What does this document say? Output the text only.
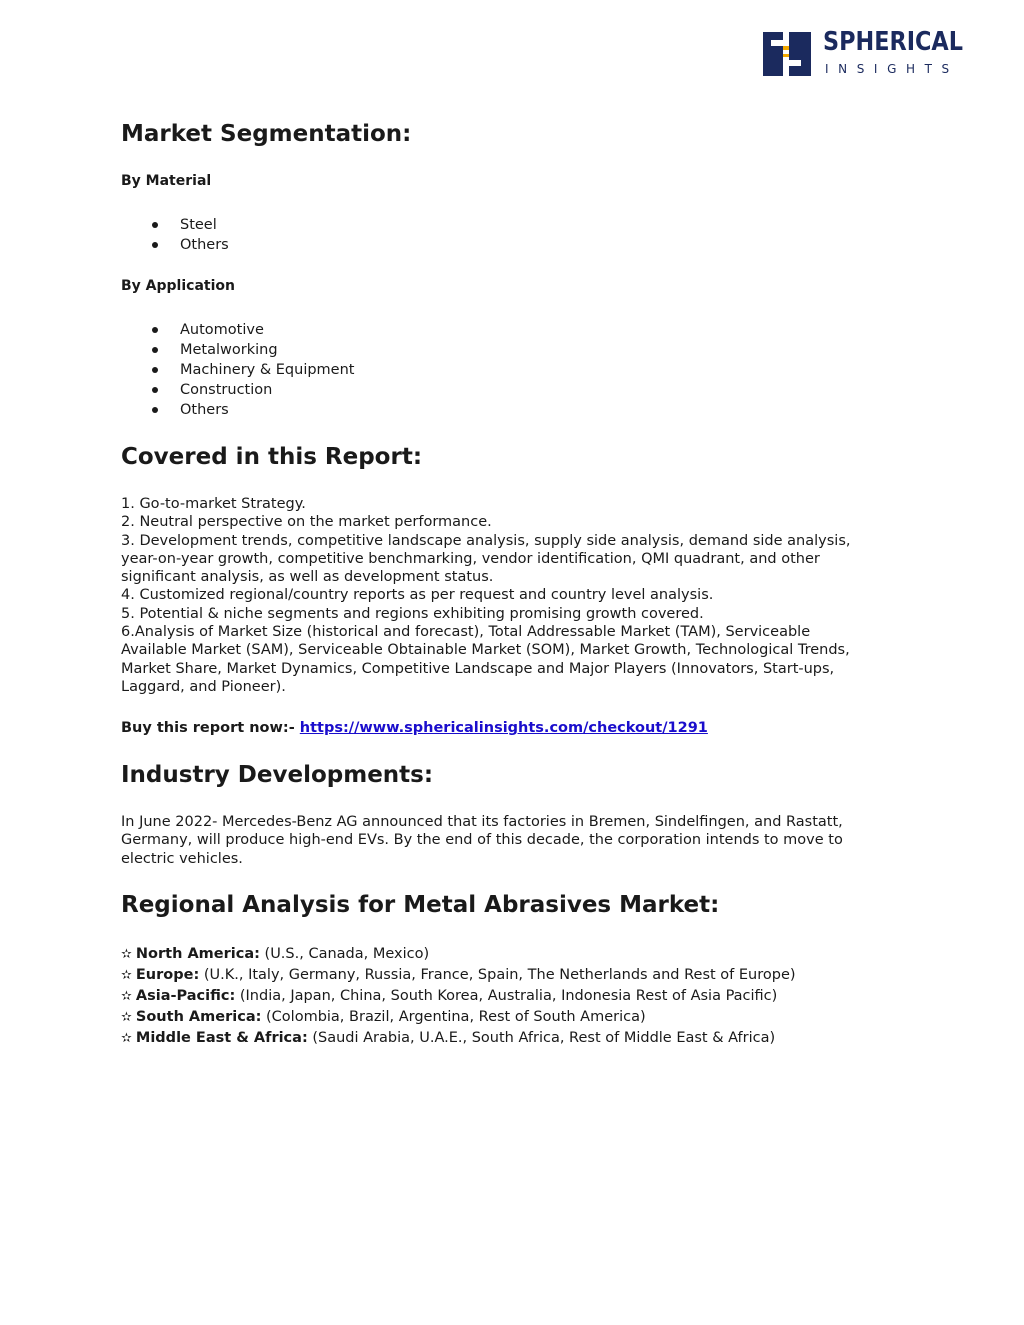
SPHERICAL
INSIGHTS
Market Segmentation:
By Material
Steel
Others
By Application
Automotive
Metalworking
Machinery & Equipment
Construction
Others
Covered in this Report:
1. Go-to-market Strategy.
2. Neutral perspective on the market performance.
3. Development trends, competitive landscape analysis, supply side analysis, demand side analysis,
year-on-year growth, competitive benchmarking, vendor identification, QMI quadrant, and other
significant analysis, as well as development status.
4. Customized regional/country reports as per request and country level analysis.
5. Potential & niche segments and regions exhibiting promising growth covered.
6.Analysis of Market Size (historical and forecast), Total Addressable Market (TAM), Serviceable
Available Market (SAM), Serviceable Obtainable Market (SOM), Market Growth, Technological Trends,
Market Share, Market Dynamics, Competitive Landscape and Major Players (Innovators, Start-ups,
Laggard, and Pioneer).
Buy this report now:- https://www.sphericalinsights.com/checkout/1291
Industry Developments:
In June 2022- Mercedes-Benz AG announced that its factories in Bremen, Sindelfingen, and Rastatt,
Germany, will produce high-end EVs. By the end of this decade, the corporation intends to move to
electric vehicles.
Regional Analysis for Metal Abrasives Market:
✫ North America: (U.S., Canada, Mexico)
✫ Europe: (U.K., Italy, Germany, Russia, France, Spain, The Netherlands and Rest of Europe)
✫ Asia-Pacific: (India, Japan, China, South Korea, Australia, Indonesia Rest of Asia Pacific)
✫ South America: (Colombia, Brazil, Argentina, Rest of South America)
✫ Middle East & Africa: (Saudi Arabia, U.A.E., South Africa, Rest of Middle East & Africa)
